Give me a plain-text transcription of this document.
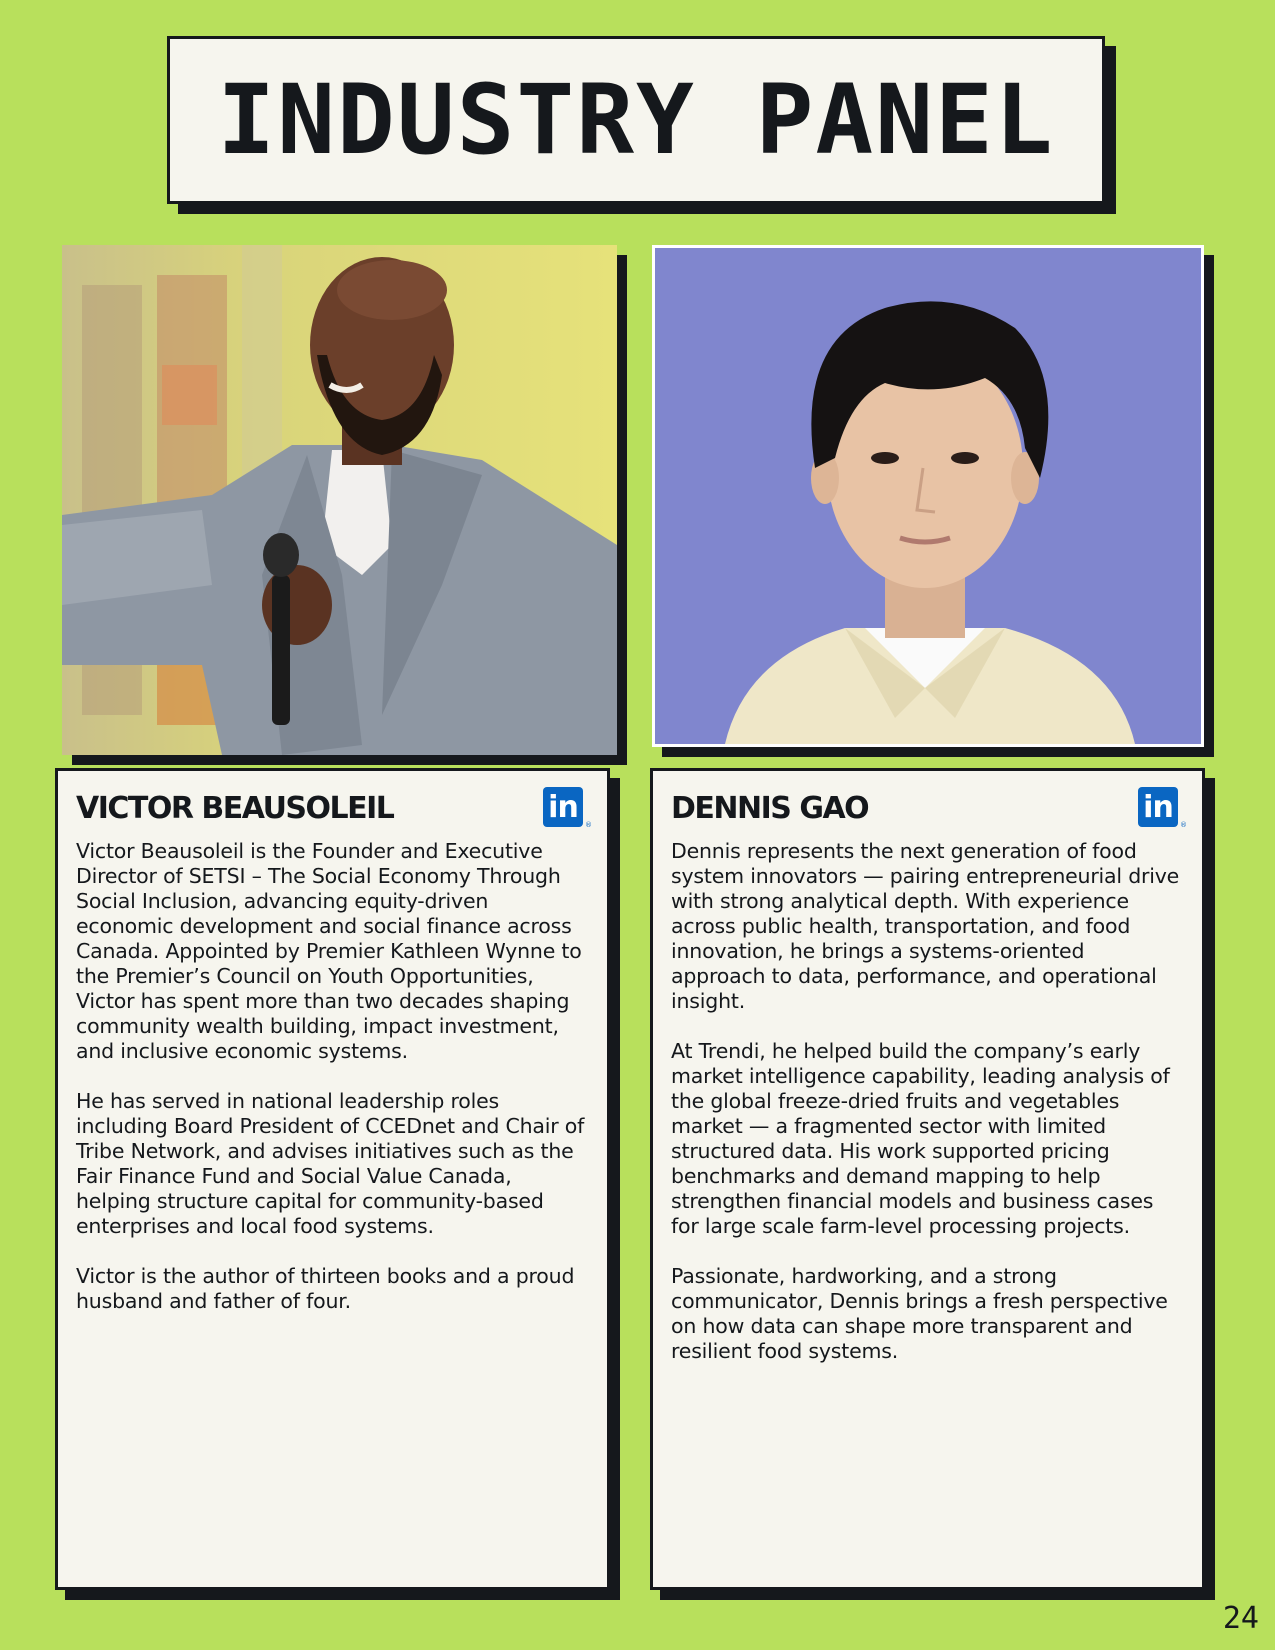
INDUSTRY PANEL
VICTOR BEAUSOLEIL	in ®

Victor Beausoleil is the Founder and Executive Director of SETSI – The Social Economy Through Social Inclusion, advancing equity-driven economic development and social finance across Canada. Appointed by Premier Kathleen Wynne to the Premier’s Council on Youth Opportunities, Victor has spent more than two decades shaping community wealth building, impact investment, and inclusive economic systems.

He has served in national leadership roles including Board President of CCEDnet and Chair of Tribe Network, and advises initiatives such as the Fair Finance Fund and Social Value Canada, helping structure capital for community-based enterprises and local food systems.

Victor is the author of thirteen books and a proud husband and father of four.

DENNIS GAO	in ®

Dennis represents the next generation of food system innovators — pairing entrepreneurial drive with strong analytical depth. With experience across public health, transportation, and food innovation, he brings a systems-oriented approach to data, performance, and operational insight.

At Trendi, he helped build the company’s early market intelligence capability, leading analysis of the global freeze-dried fruits and vegetables market — a fragmented sector with limited structured data. His work supported pricing benchmarks and demand mapping to help strengthen financial models and business cases for large scale farm-level processing projects.

Passionate, hardworking, and a strong communicator, Dennis brings a fresh perspective on how data can shape more transparent and resilient food systems.

24
